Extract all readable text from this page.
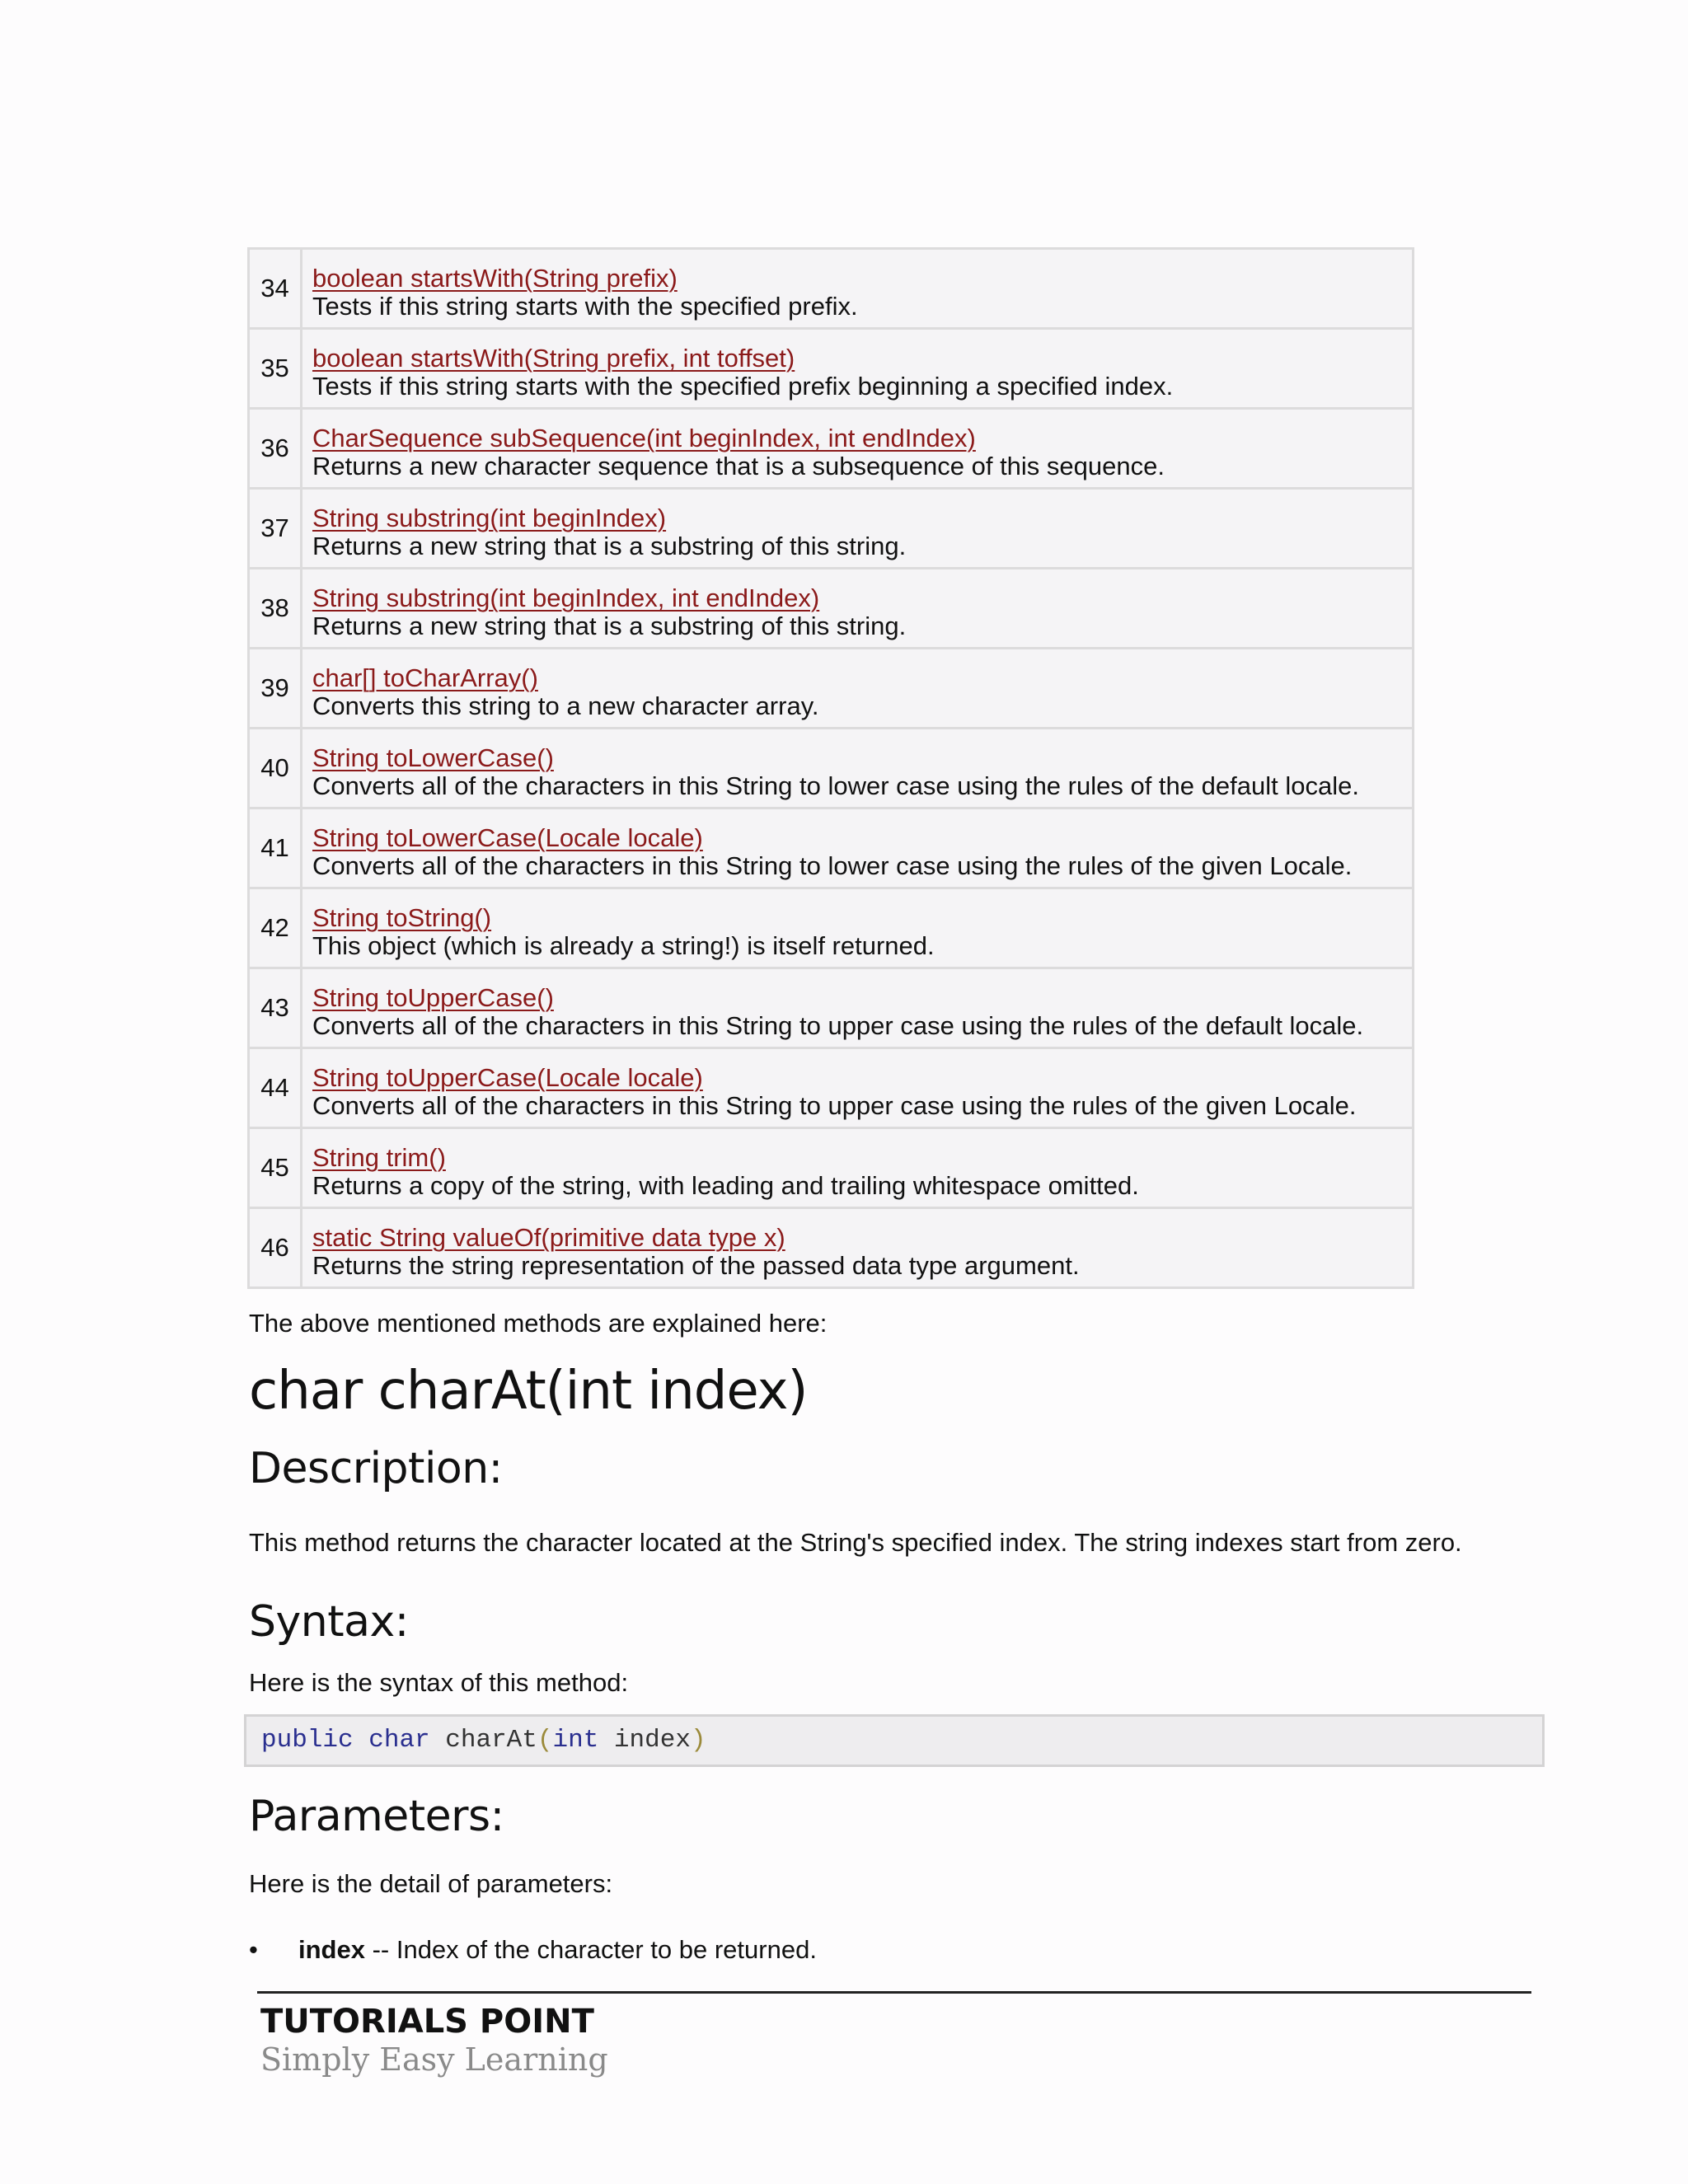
34	boolean startsWith(String prefix)
Tests if this string starts with the specified prefix.

35	boolean startsWith(String prefix, int toffset)
Tests if this string starts with the specified prefix beginning a specified index.

36	CharSequence subSequence(int beginIndex, int endIndex)
Returns a new character sequence that is a subsequence of this sequence.

37	String substring(int beginIndex)
Returns a new string that is a substring of this string.

38	String substring(int beginIndex, int endIndex)
Returns a new string that is a substring of this string.

39	char[] toCharArray()
Converts this string to a new character array.

40	String toLowerCase()
Converts all of the characters in this String to lower case using the rules of the default locale.

41	String toLowerCase(Locale locale)
Converts all of the characters in this String to lower case using the rules of the given Locale.

42	String toString()
This object (which is already a string!) is itself returned.

43	String toUpperCase()
Converts all of the characters in this String to upper case using the rules of the default locale.

44	String toUpperCase(Locale locale)
Converts all of the characters in this String to upper case using the rules of the given Locale.

45	String trim()
Returns a copy of the string, with leading and trailing whitespace omitted.

46	static String valueOf(primitive data type x)
Returns the string representation of the passed data type argument.
The above mentioned methods are explained here:
char charAt(int index)
Description:
This method returns the character located at the String's specified index. The string indexes start from zero.
Syntax:
Here is the syntax of this method:
public char charAt(int index)
Parameters:
Here is the detail of parameters:
• index -- Index of the character to be returned.
TUTORIALS POINT
Simply Easy Learning
